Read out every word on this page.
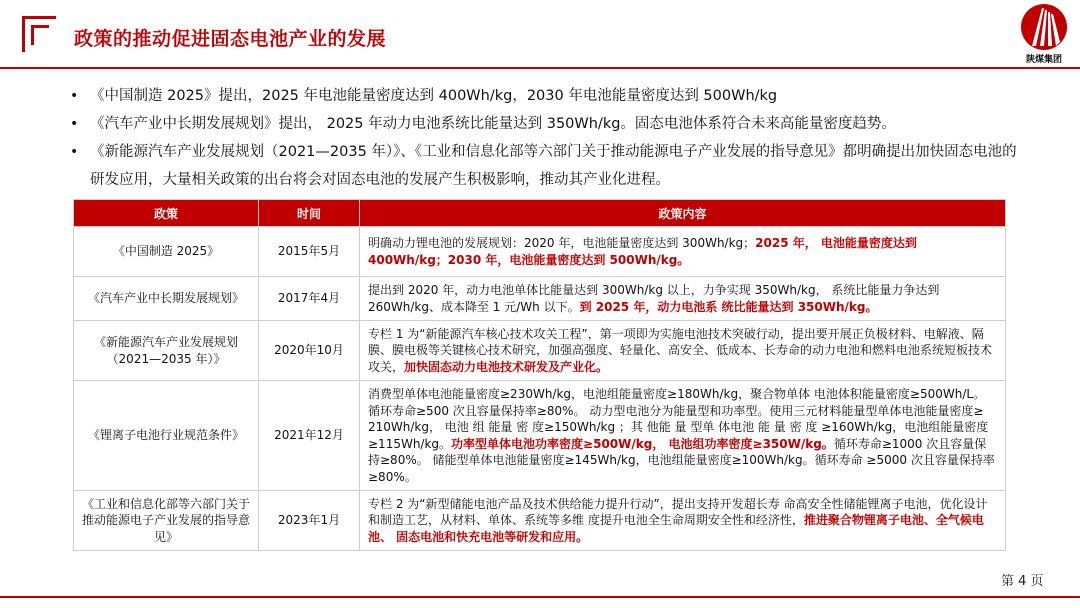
政策的推动促进固态电池产业的发展
陕煤集团
• 《中国制造 2025》提出，2025 年电池能量密度达到 400Wh/kg，2030 年电池能量密度达到 500Wh/kg
• 《汽车产业中长期发展规划》提出， 2025 年动力电池系统比能量达到 350Wh/kg。固态电池体系符合未来高能量密度趋势。
• 《新能源汽车产业发展规划（2021—2035 年）》、《工业和信息化部等六部门关于推动能源电子产业发展的指导意见》都明确提出加快固态电池的研发应用，大量相关政策的出台将会对固态电池的发展产生积极影响，推动其产业化进程。
政策	时间	政策内容
《中国制造 2025》	2015年5月	明确动力锂电池的发展规划：2020 年，电池能量密度达到 300Wh/kg；2025 年， 电池能量密度达到 400Wh/kg；2030 年，电池能量密度达到 500Wh/kg。
《汽车产业中长期发展规划》	2017年4月	提出到 2020 年，动力电池单体比能量达到 300Wh/kg 以上，力争实现 350Wh/kg， 系统比能量力争达到 260Wh/kg、成本降至 1 元/Wh 以下。到 2025 年，动力电池系 统比能量达到 350Wh/kg。
《新能源汽车产业发展规划（2021—2035 年）》	2020年10月	专栏 1 为“新能源汽车核心技术攻关工程”，第一项即为实施电池技术突破行动，提出要开展正负极材料、电解液、隔膜、膜电极等关键核心技术研究，加强高强度、轻量化、高安全、低成本、长寿命的动力电池和燃料电池系统短板技术攻关，加快固态动力电池技术研发及产业化。
《锂离子电池行业规范条件》	2021年12月	消费型单体电池能量密度≥230Wh/kg，电池组能量密度≥180Wh/kg，聚合物单体 电池体积能量密度≥500Wh/L。循环寿命≥500 次且容量保持率≥80%。 动力型电池分为能量型和功率型。使用三元材料能量型单体电池能量密度≥ 210Wh/kg， 电池 组 能量 密 度≥150Wh/kg ；其 他能 量 型单 体电池 能 量 密 度 ≥160Wh/kg，电池组能量密度≥115Wh/kg。功率型单体电池功率密度≥500W/kg， 电池组功率密度≥350W/kg。循环寿命≥1000 次且容量保持≥80%。 储能型单体电池能量密度≥145Wh/kg，电池组能量密度≥100Wh/kg。循环寿命 ≥5000 次且容量保持率≥80%。
《工业和信息化部等六部门关于 推动能源电子产业发展的指导意 见》	2023年1月	专栏 2 为“新型储能电池产品及技术供给能力提升行动”，提出支持开发超长寿 命高安全性储能锂离子电池，优化设计和制造工艺，从材料、单体、系统等多维 度提升电池全生命周期安全性和经济性，推进聚合物锂离子电池、全气候电池、 固态电池和快充电池等研发和应用。
第 4 页
